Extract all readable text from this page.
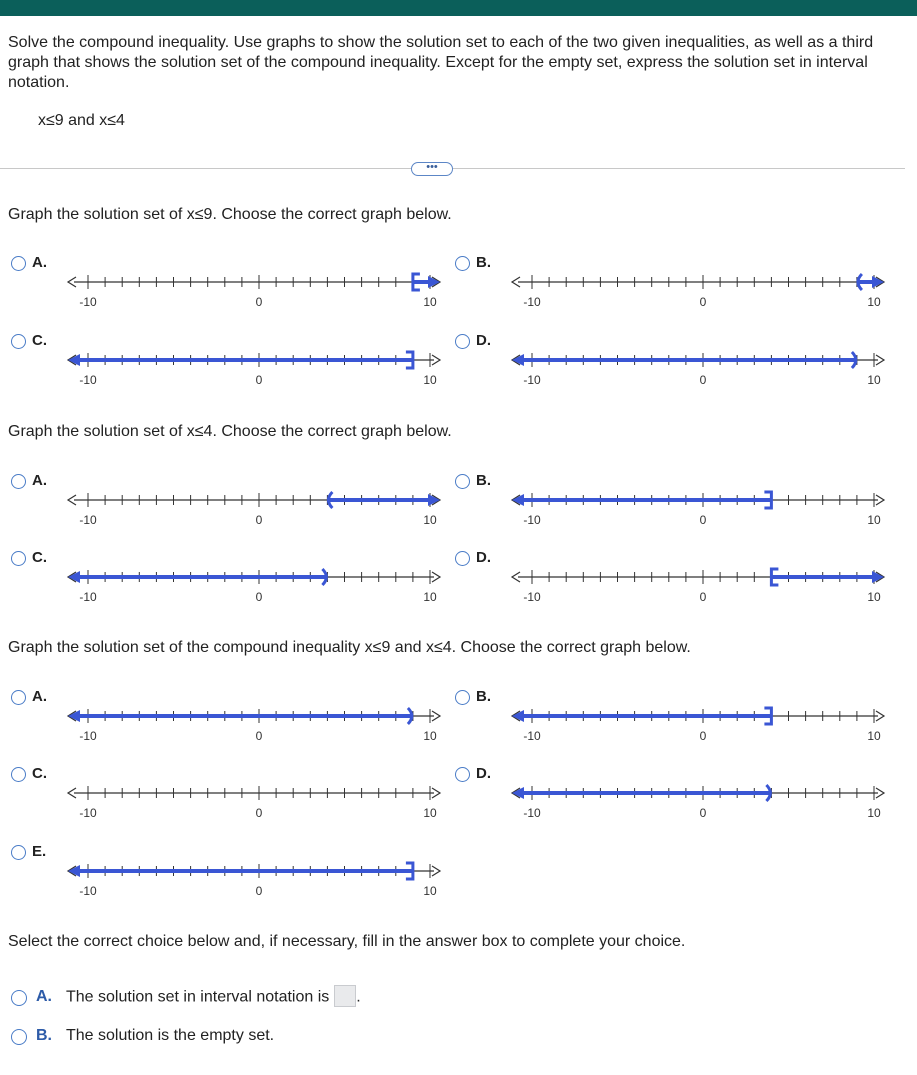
Solve the compound inequality. Use graphs to show the solution set to each of the two given inequalities, as well as a third graph that shows the solution set of the compound inequality. Except for the empty set, express the solution set in interval notation.

x≤9 and x≤4
•••
Graph the solution set of x≤9. Choose the correct graph below.
A.
-10	0	10
B.
-10	0	10
C.
-10	0	10
D.
-10	0	10
Graph the solution set of x≤4. Choose the correct graph below.
A.
-10	0	10
B.
-10	0	10
C.
-10	0	10
D.
-10	0	10
Graph the solution set of the compound inequality x≤9 and x≤4. Choose the correct graph below.
A.
-10	0	10
B.
-10	0	10
C.
-10	0	10
D.
-10	0	10
E.
-10	0	10
Select the correct choice below and, if necessary, fill in the answer box to complete your choice.
A. The solution set in interval notation is .
B. The solution is the empty set.
